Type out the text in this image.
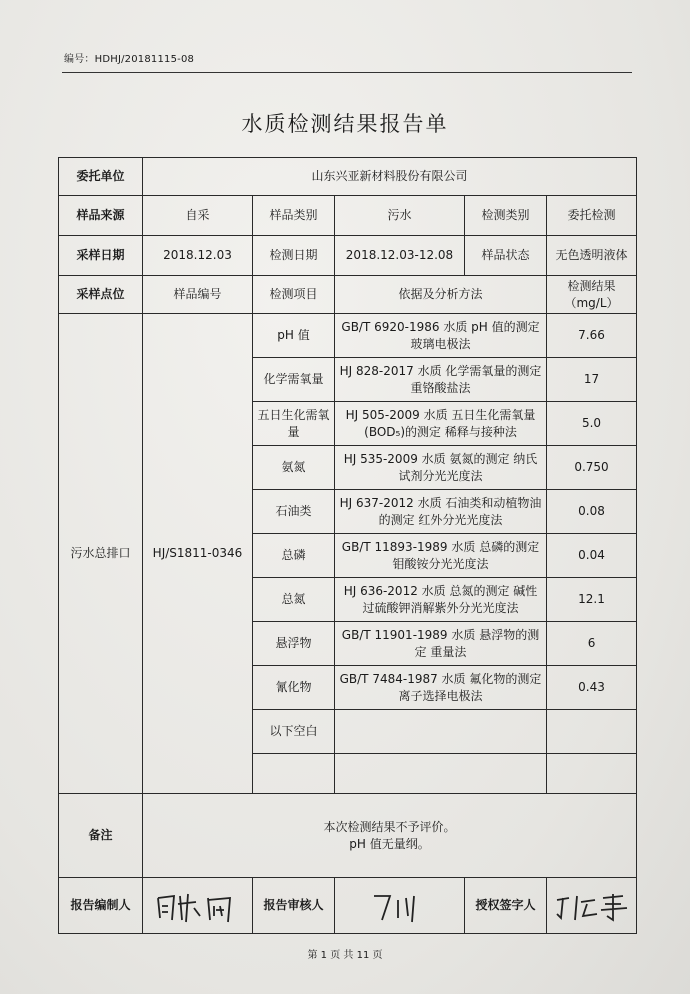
编号：HDHJ/20181115-08
水质检测结果报告单
委托单位	山东兴亚新材料股份有限公司				
样品来源	自采	样品类别	污水	检测类别	委托检测
采样日期	2018.12.03	检测日期	2018.12.03-12.08	样品状态	无色透明液体
采样点位	样品编号	检测项目	依据及分析方法		检测结果（mg/L）
污水总排口	HJ/S1811-0346	pH 值	GB/T 6920-1986 水质 pH 值的测定 玻璃电极法		7.66
		化学需氧量	HJ 828-2017 水质 化学需氧量的测定 重铬酸盐法		17
		五日生化需氧量	HJ 505-2009 水质 五日生化需氧量(BOD₅)的测定 稀释与接种法		5.0
		氨氮	HJ 535-2009 水质 氨氮的测定 纳氏试剂分光光度法		0.750
		石油类	HJ 637-2012 水质 石油类和动植物油的测定 红外分光光度法		0.08
		总磷	GB/T 11893-1989 水质 总磷的测定 钼酸铵分光光度法		0.04
		总氮	HJ 636-2012 水质 总氮的测定 碱性过硫酸钾消解紫外分光光度法		12.1
		悬浮物	GB/T 11901-1989 水质 悬浮物的测定 重量法		6
		氰化物	GB/T 7484-1987 水质 氟化物的测定 离子选择电极法		0.43
		以下空白			

备注	本次检测结果不予评价。
pH 值无量纲。				

报告编制人		报告审核人		授权签字人	
第 1 页 共 11 页
